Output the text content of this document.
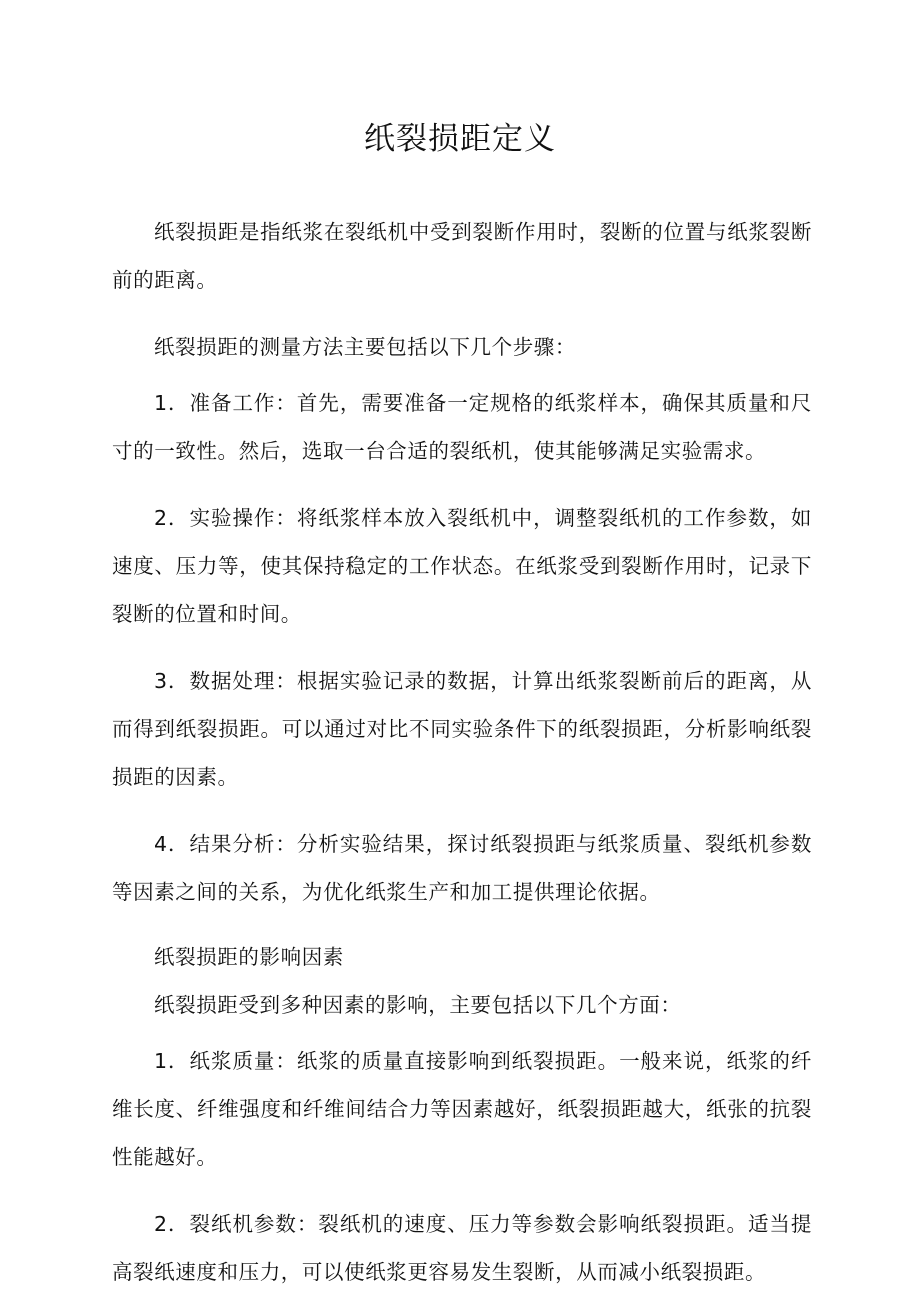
纸裂损距定义

纸裂损距是指纸浆在裂纸机中受到裂断作用时，裂断的位置与纸浆裂断前的距离。

纸裂损距的测量方法主要包括以下几个步骤：

1．准备工作：首先，需要准备一定规格的纸浆样本，确保其质量和尺寸的一致性。然后，选取一台合适的裂纸机，使其能够满足实验需求。

2．实验操作：将纸浆样本放入裂纸机中，调整裂纸机的工作参数，如速度、压力等，使其保持稳定的工作状态。在纸浆受到裂断作用时，记录下裂断的位置和时间。

3．数据处理：根据实验记录的数据，计算出纸浆裂断前后的距离，从而得到纸裂损距。可以通过对比不同实验条件下的纸裂损距，分析影响纸裂损距的因素。

4．结果分析：分析实验结果，探讨纸裂损距与纸浆质量、裂纸机参数等因素之间的关系，为优化纸浆生产和加工提供理论依据。

纸裂损距的影响因素

纸裂损距受到多种因素的影响，主要包括以下几个方面：

1．纸浆质量：纸浆的质量直接影响到纸裂损距。一般来说，纸浆的纤维长度、纤维强度和纤维间结合力等因素越好，纸裂损距越大，纸张的抗裂性能越好。

2．裂纸机参数：裂纸机的速度、压力等参数会影响纸裂损距。适当提高裂纸速度和压力，可以使纸浆更容易发生裂断，从而减小纸裂损距。
